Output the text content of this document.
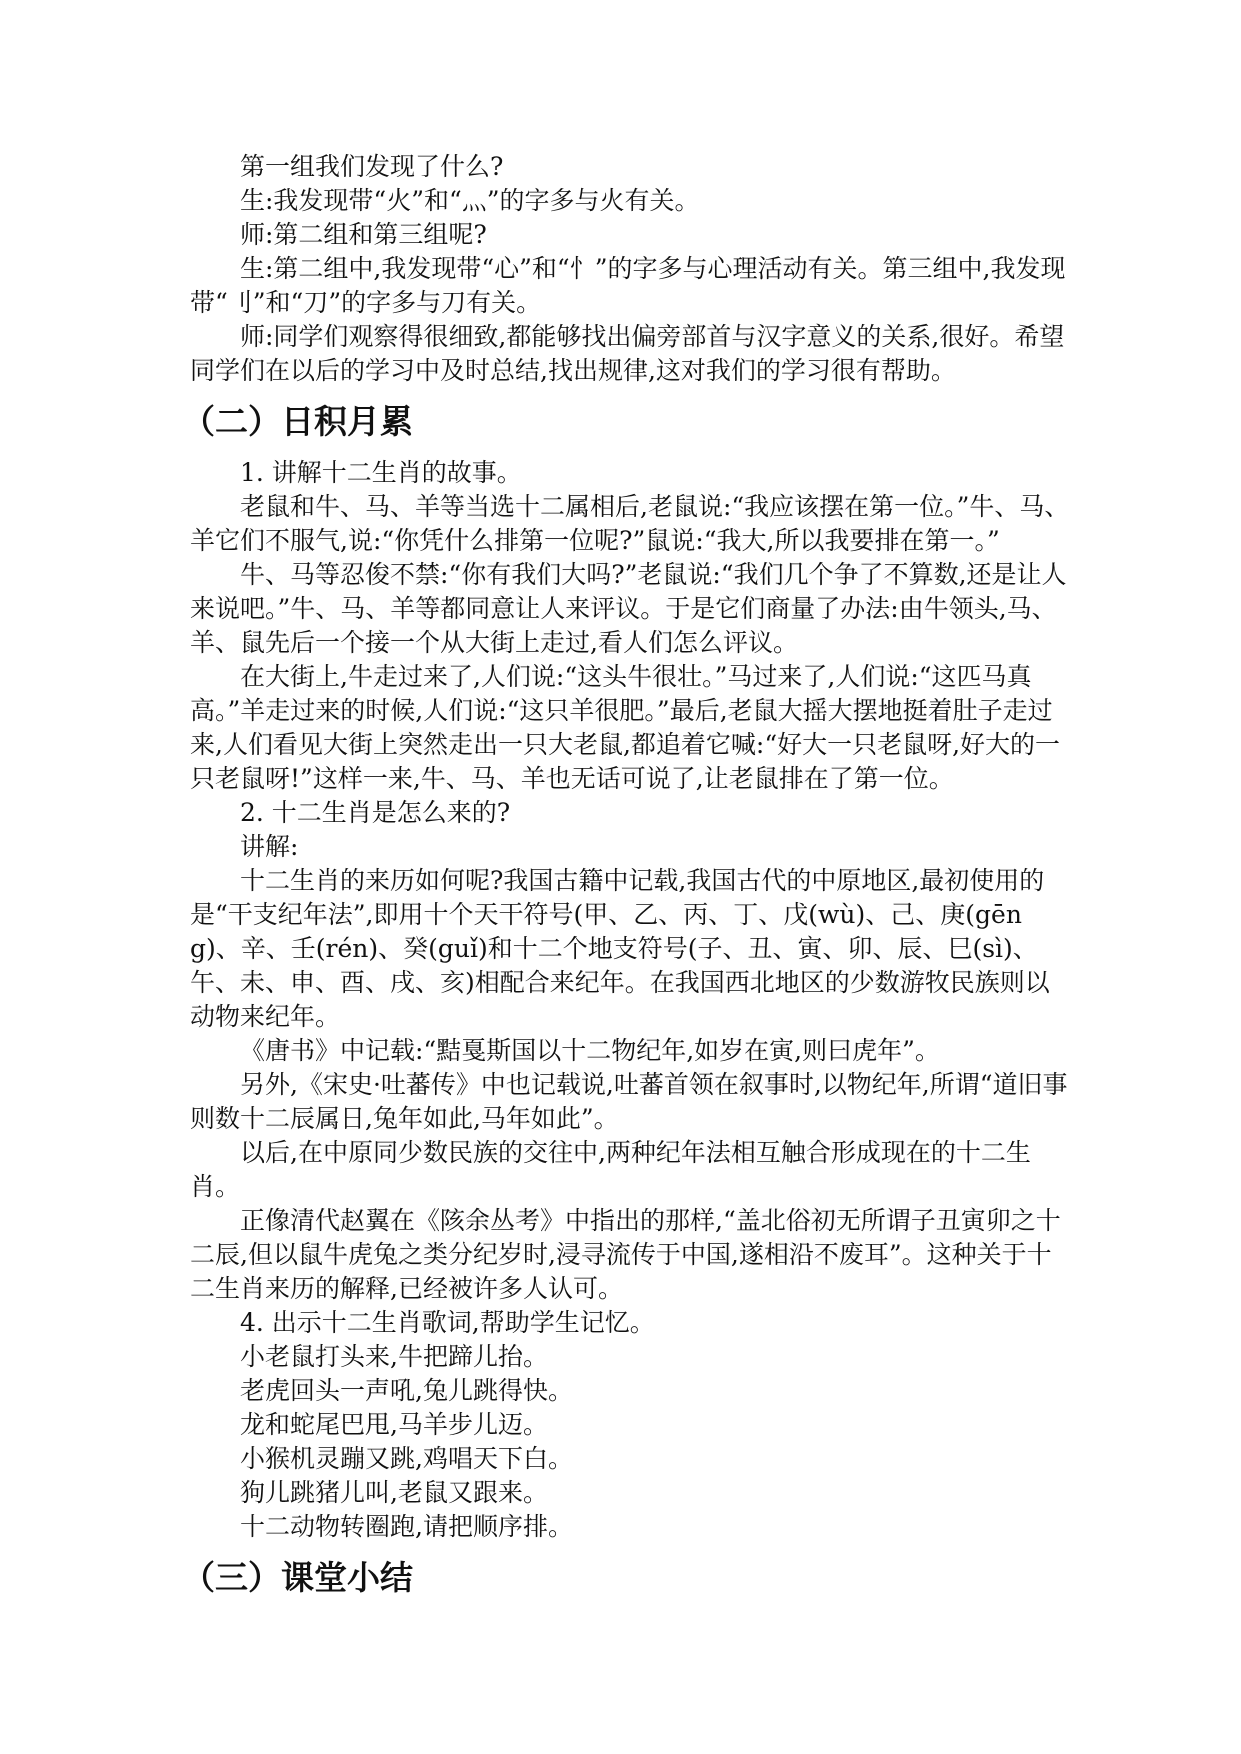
第一组我们发现了什么?

生:我发现带“火”和“灬”的字多与火有关。

师:第二组和第三组呢?

生:第二组中,我发现带“心”和“忄”的字多与心理活动有关。第三组中,我发现带“刂”和“刀”的字多与刀有关。

师:同学们观察得很细致,都能够找出偏旁部首与汉字意义的关系,很好。希望同学们在以后的学习中及时总结,找出规律,这对我们的学习很有帮助。

（二）日积月累

1. 讲解十二生肖的故事。

老鼠和牛、马、羊等当选十二属相后,老鼠说:“我应该摆在第一位。”牛、马、羊它们不服气,说:“你凭什么排第一位呢?”鼠说:“我大,所以我要排在第一。”

牛、马等忍俊不禁:“你有我们大吗?”老鼠说:“我们几个争了不算数,还是让人来说吧。”牛、马、羊等都同意让人来评议。于是它们商量了办法:由牛领头,马、羊、鼠先后一个接一个从大街上走过,看人们怎么评议。

在大街上,牛走过来了,人们说:“这头牛很壮。”马过来了,人们说:“这匹马真高。”羊走过来的时候,人们说:“这只羊很肥。”最后,老鼠大摇大摆地挺着肚子走过来,人们看见大街上突然走出一只大老鼠,都追着它喊:“好大一只老鼠呀,好大的一只老鼠呀!”这样一来,牛、马、羊也无话可说了,让老鼠排在了第一位。

2. 十二生肖是怎么来的?

讲解:

十二生肖的来历如何呢?我国古籍中记载,我国古代的中原地区,最初使用的是“干支纪年法”,即用十个天干符号(甲、乙、丙、丁、戊(wù)、己、庚(gēng)、辛、壬(rén)、癸(guǐ)和十二个地支符号(子、丑、寅、卯、辰、巳(sì)、午、未、申、酉、戌、亥)相配合来纪年。在我国西北地区的少数游牧民族则以动物来纪年。

《唐书》中记载:“黠戛斯国以十二物纪年,如岁在寅,则曰虎年”。

另外,《宋史·吐蕃传》中也记载说,吐蕃首领在叙事时,以物纪年,所谓“道旧事则数十二辰属日,兔年如此,马年如此”。

以后,在中原同少数民族的交往中,两种纪年法相互触合形成现在的十二生肖。

正像清代赵翼在《陔余丛考》中指出的那样,“盖北俗初无所谓子丑寅卯之十二辰,但以鼠牛虎兔之类分纪岁时,浸寻流传于中国,遂相沿不废耳”。这种关于十二生肖来历的解释,已经被许多人认可。

4. 出示十二生肖歌词,帮助学生记忆。

小老鼠打头来,牛把蹄儿抬。

老虎回头一声吼,兔儿跳得快。

龙和蛇尾巴甩,马羊步儿迈。

小猴机灵蹦又跳,鸡唱天下白。

狗儿跳猪儿叫,老鼠又跟来。

十二动物转圈跑,请把顺序排。

（三）课堂小结
